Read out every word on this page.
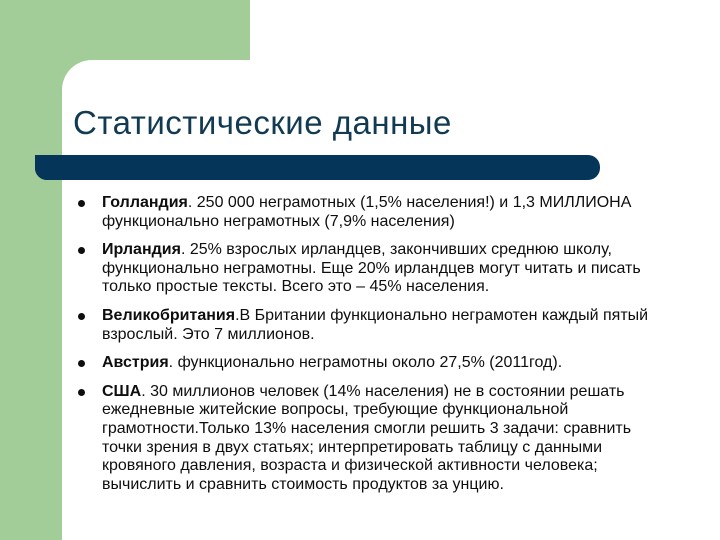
Статистические данные
Голландия. 250 000 неграмотных (1,5% населения!) и 1,3 МИЛЛИОНА функционально неграмотных (7,9% населения)
Ирландия. 25% взрослых ирландцев, закончивших среднюю школу, функционально неграмотны. Еще 20% ирландцев могут читать и писать только простые тексты. Всего это – 45% населения.
Великобритания.В Британии функционально неграмотен каждый пятый взрослый. Это 7 миллионов.
Австрия. функционально неграмотны около 27,5% (2011год).
США. 30 миллионов человек (14% населения) не в состоянии решать ежедневные житейские вопросы, требующие функциональной грамотности.Только 13% населения смогли решить 3 задачи: сравнить точки зрения в двух статьях; интерпретировать таблицу с данными кровяного давления, возраста и физической активности человека; вычислить и сравнить стоимость продуктов за унцию.
